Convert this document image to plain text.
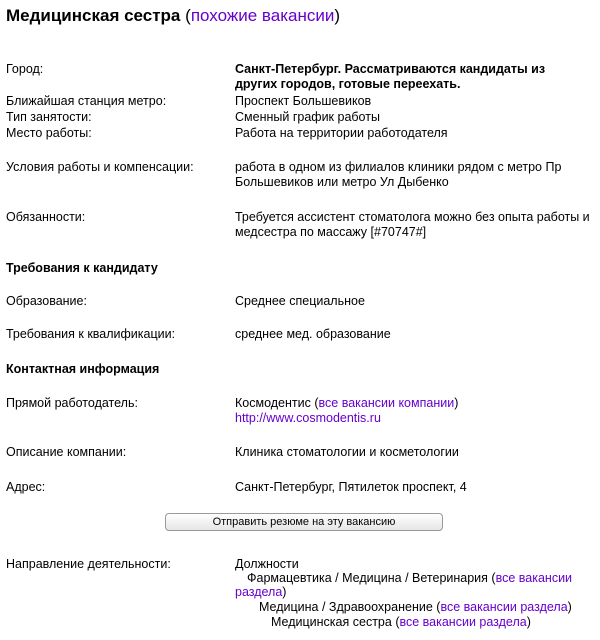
Медицинская сестра (похожие вакансии)
Город:	Санкт-Петербург. Рассматриваются кандидаты из других городов, готовые переехать.
Ближайшая станция метро:	Проспект Большевиков
Тип занятости:	Сменный график работы
Место работы:	Работа на территории работодателя
Условия работы и компенсации:	работа в одном из филиалов клиники рядом с метро Пр Большевиков или метро Ул Дыбенко
Обязанности:	Требуется ассистент стоматолога можно без опыта работы и медсестра по массажу [#70747#]
Требования к кандидату
Образование:	Среднее специальное
Требования к квалификации:	среднее мед. образование
Контактная информация
Прямой работодатель:	Космодентис (все вакансии компании)
http://www.cosmodentis.ru
Описание компании:	Клиника стоматологии и косметологии
Адрес:	Санкт-Петербург, Пятилеток проспект, 4
Отправить резюме на эту вакансию
Направление деятельности:	Должности
Фармацевтика / Медицина / Ветеринария (все вакансии
раздела)
Медицина / Здравоохранение (все вакансии раздела)
Медицинская сестра (все вакансии раздела)
